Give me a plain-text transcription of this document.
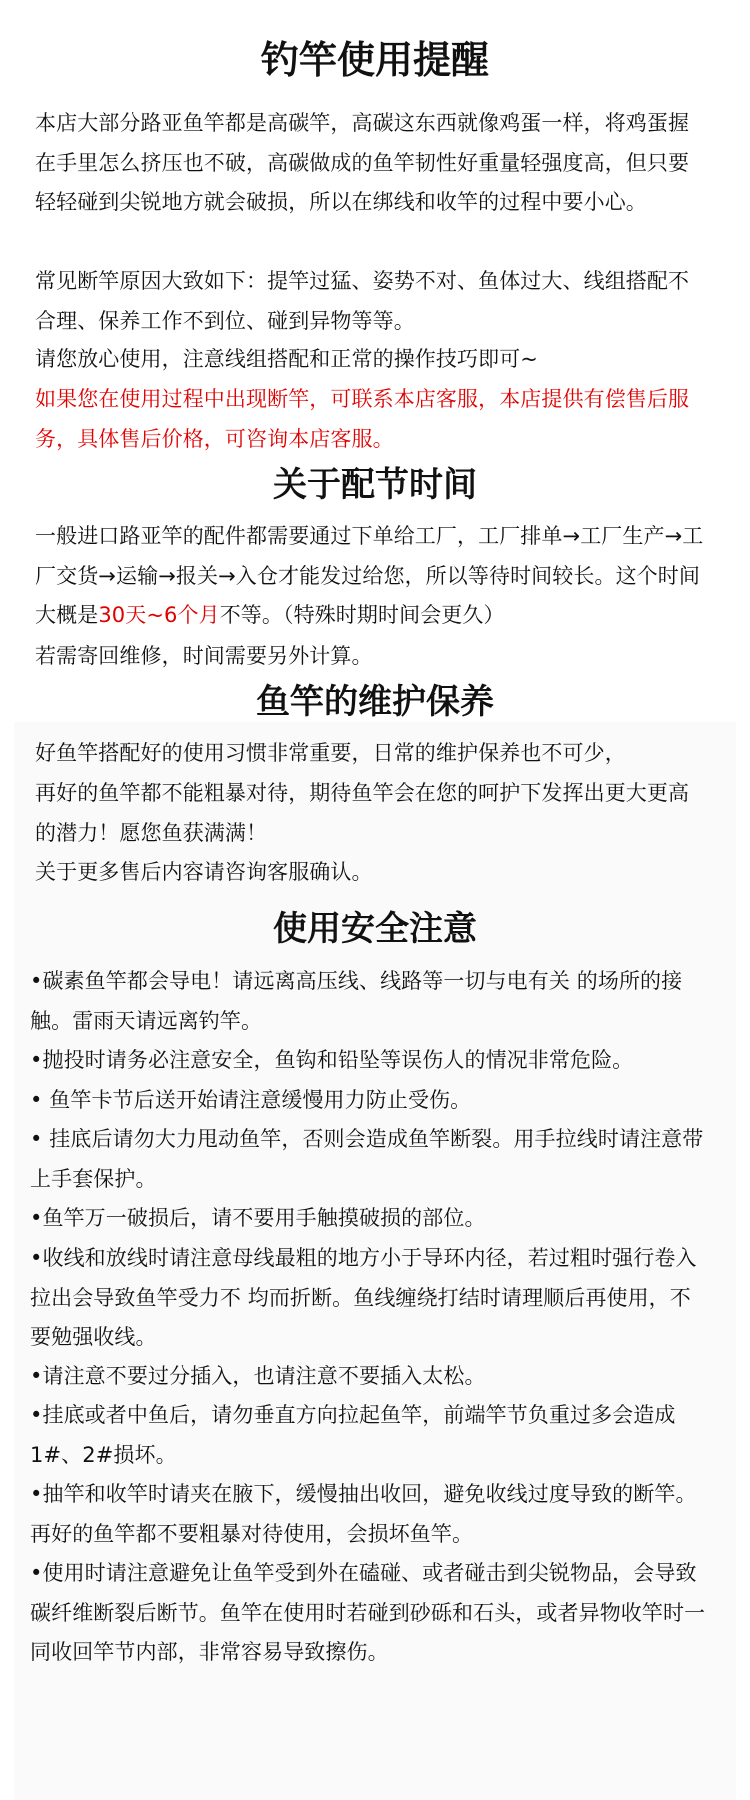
钓竿使用提醒

本店大部分路亚鱼竿都是高碳竿，高碳这东西就像鸡蛋一样，将鸡蛋握在手里怎么挤压也不破，高碳做成的鱼竿韧性好重量轻强度高，但只要轻轻碰到尖锐地方就会破损，所以在绑线和收竿的过程中要小心。

常见断竿原因大致如下：提竿过猛、姿势不对、鱼体过大、线组搭配不合理、保养工作不到位、碰到异物等等。

请您放心使用，注意线组搭配和正常的操作技巧即可~

如果您在使用过程中出现断竿，可联系本店客服，本店提供有偿售后服务，具体售后价格，可咨询本店客服。

关于配节时间

一般进口路亚竿的配件都需要通过下单给工厂，工厂排单→工厂生产→工厂交货→运输→报关→入仓才能发过给您，所以等待时间较长。这个时间大概是30天~6个月不等。（特殊时期时间会更久）

若需寄回维修，时间需要另外计算。

鱼竿的维护保养

好鱼竿搭配好的使用习惯非常重要，日常的维护保养也不可少，

再好的鱼竿都不能粗暴对待，期待鱼竿会在您的呵护下发挥出更大更高的潜力！愿您鱼获满满！

关于更多售后内容请咨询客服确认。

使用安全注意

•碳素鱼竿都会导电！请远离高压线、线路等一切与电有关 的场所的接触。雷雨天请远离钓竿。

•抛投时请务必注意安全，鱼钩和铅坠等误伤人的情况非常危险。

• 鱼竿卡节后送开始请注意缓慢用力防止受伤。

• 挂底后请勿大力甩动鱼竿，否则会造成鱼竿断裂。用手拉线时请注意带上手套保护。

•鱼竿万一破损后，请不要用手触摸破损的部位。

•收线和放线时请注意母线最粗的地方小于导环内径，若过粗时强行卷入拉出会导致鱼竿受力不 均而折断。鱼线缠绕打结时请理顺后再使用，不要勉强收线。

•请注意不要过分插入，也请注意不要插入太松。

•挂底或者中鱼后，请勿垂直方向拉起鱼竿，前端竿节负重过多会造成1#、2#损坏。

•抽竿和收竿时请夹在腋下，缓慢抽出收回，避免收线过度导致的断竿。再好的鱼竿都不要粗暴对待使用，会损坏鱼竿。

•使用时请注意避免让鱼竿受到外在磕碰、或者碰击到尖锐物品，会导致碳纤维断裂后断节。鱼竿在使用时若碰到砂砾和石头，或者异物收竿时一同收回竿节内部，非常容易导致擦伤。
